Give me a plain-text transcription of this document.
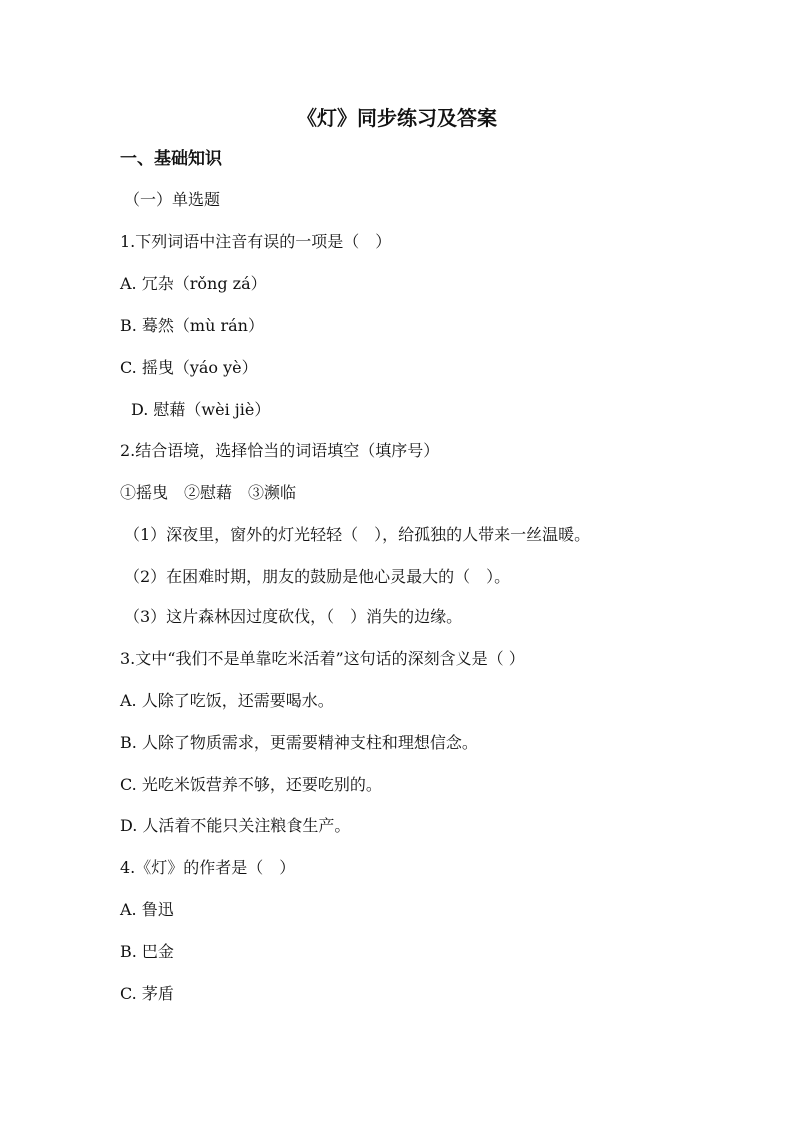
《灯》同步练习及答案
一、基础知识
（一）单选题
1.下列词语中注音有误的一项是（　）
A. 冗杂（rǒng zá）
B. 蓦然（mù rán）
C. 摇曳（yáo yè）
D. 慰藉（wèi jiè）
2.结合语境，选择恰当的词语填空（填序号）
①摇曳　②慰藉　③濒临
（1）深夜里，窗外的灯光轻轻（　），给孤独的人带来一丝温暖。
（2）在困难时期，朋友的鼓励是他心灵最大的（　）。
（3）这片森林因过度砍伐，（　）消失的边缘。
3.文中“我们不是单靠吃米活着”这句话的深刻含义是（ ）
A. 人除了吃饭，还需要喝水。
B. 人除了物质需求，更需要精神支柱和理想信念。
C. 光吃米饭营养不够，还要吃别的。
D. 人活着不能只关注粮食生产。
4.《灯》的作者是（　）
A. 鲁迅
B. 巴金
C. 茅盾
